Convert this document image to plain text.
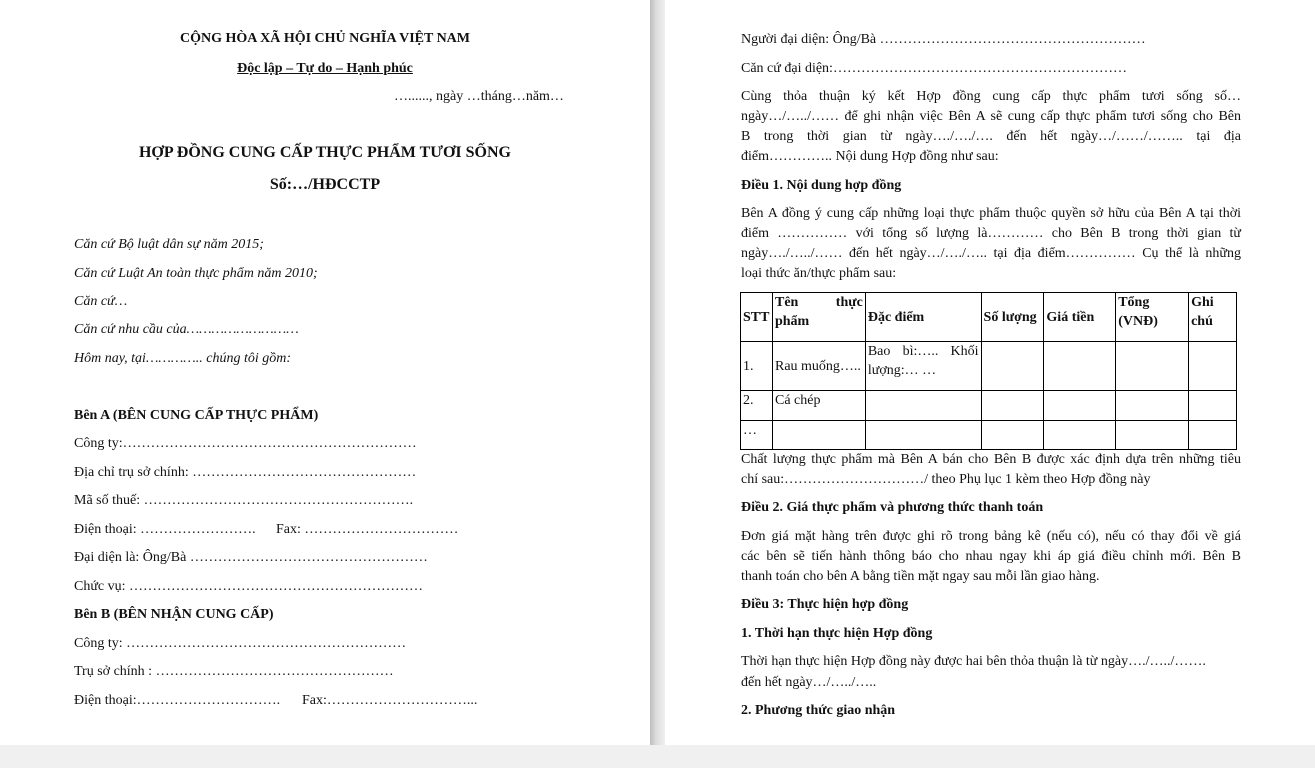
CỘNG HÒA XÃ HỘI CHỦ NGHĨA VIỆT NAM
Độc lập – Tự do – Hạnh phúc
…......, ngày …tháng…năm…
HỢP ĐỒNG CUNG CẤP THỰC PHẨM TƯƠI SỐNG
Số:…/HĐCCTP
Căn cứ Bộ luật dân sự năm 2015;
Căn cứ Luật An toàn thực phẩm năm 2010;
Căn cứ…
Căn cứ nhu cầu của………………………
Hôm nay, tại………….. chúng tôi gồm:
Bên A (BÊN CUNG CẤP THỰC PHẨM)
Công ty:………………………………………………………
Địa chỉ trụ sở chính: …………………………………………
Mã số thuế: ………………………………………………….
Điện thoại: ……………………. Fax: ……………………………
Đại diện là: Ông/Bà ……………………………………………
Chức vụ: ………………………………………………………
Bên B (BÊN NHẬN CUNG CẤP)
Công ty: ……………………………………………………
Trụ sở chính : ……………………………………………
Điện thoại:…………………………. Fax:…………………………...
Người đại diện: Ông/Bà …………………………………………………
Căn cứ đại diện:………………………………………………………
Cùng thỏa thuận ký kết Hợp đồng cung cấp thực phẩm tươi sống số…
ngày…/…../…… để ghi nhận việc Bên A sẽ cung cấp thực phẩm tươi sống cho Bên
B trong thời gian từ ngày…./…./…. đến hết ngày…/……/…….. tại địa
điểm………….. Nội dung Hợp đồng như sau:
Điều 1. Nội dung hợp đồng
Bên A đồng ý cung cấp những loại thực phẩm thuộc quyền sở hữu của Bên A tại thời
điểm …………… với tổng số lượng là………… cho Bên B trong thời gian từ
ngày…./…../…… đến hết ngày…/…./….. tại địa điểm…………… Cụ thể là những
loại thức ăn/thực phẩm sau:
STT	Tên thực phẩm	Đặc điểm	Số lượng	Giá tiền	Tổng (VNĐ)	Ghi chú
1.	Rau muống…..	Bao bì:….. Khối lượng:… …				

2.	Cá chép					
…						
Chất lượng thực phẩm mà Bên A bán cho Bên B được xác định dựa trên những tiêu
chí sau:…………………………/ theo Phụ lục 1 kèm theo Hợp đồng này
Điều 2. Giá thực phẩm và phương thức thanh toán
Đơn giá mặt hàng trên được ghi rõ trong bảng kê (nếu có), nếu có thay đổi về giá
các bên sẽ tiến hành thông báo cho nhau ngay khi áp giá điều chỉnh mới. Bên B
thanh toán cho bên A bằng tiền mặt ngay sau mỗi lần giao hàng.
Điều 3: Thực hiện hợp đồng
1. Thời hạn thực hiện Hợp đồng
Thời hạn thực hiện Hợp đồng này được hai bên thỏa thuận là từ ngày…./…../…….
đến hết ngày…/…../…..
2. Phương thức giao nhận
